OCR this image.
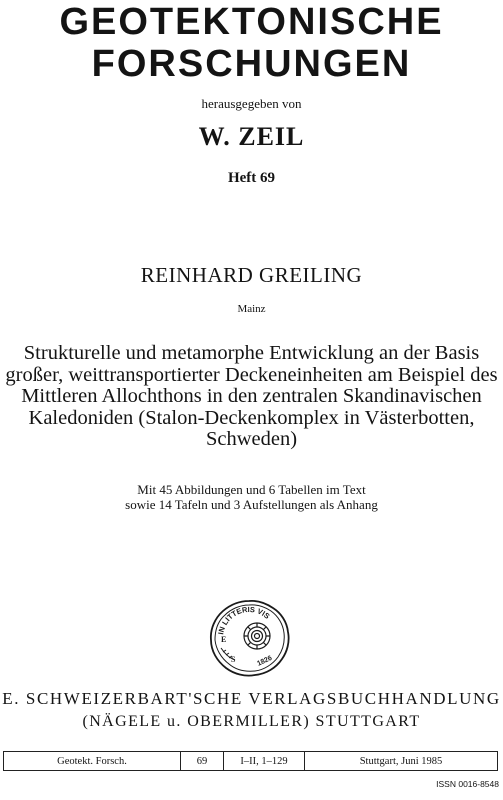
GEOTEKTONISCHE
FORSCHUNGEN
herausgegeben von
W. ZEIL
Heft 69
REINHARD GREILING
Mainz
Strukturelle und metamorphe Entwicklung an der Basis
großer, weittransportierter Deckeneinheiten am Beispiel des
Mittleren Allochthons in den zentralen Skandinavischen
Kaledoniden (Stalon-Deckenkomplex in Västerbotten,
Schweden)
Mit 45 Abbildungen und 6 Tabellen im Text
sowie 14 Tafeln und 3 Aufstellungen als Anhang
IN LITTERIS VIS
E
S	1826
E. SCHWEIZERBART'SCHE VERLAGSBUCHHANDLUNG
(NÄGELE u. OBERMILLER) STUTTGART
Geotekt. Forsch.	69	I–II, 1–129	Stuttgart, Juni 1985
ISSN 0016-8548
